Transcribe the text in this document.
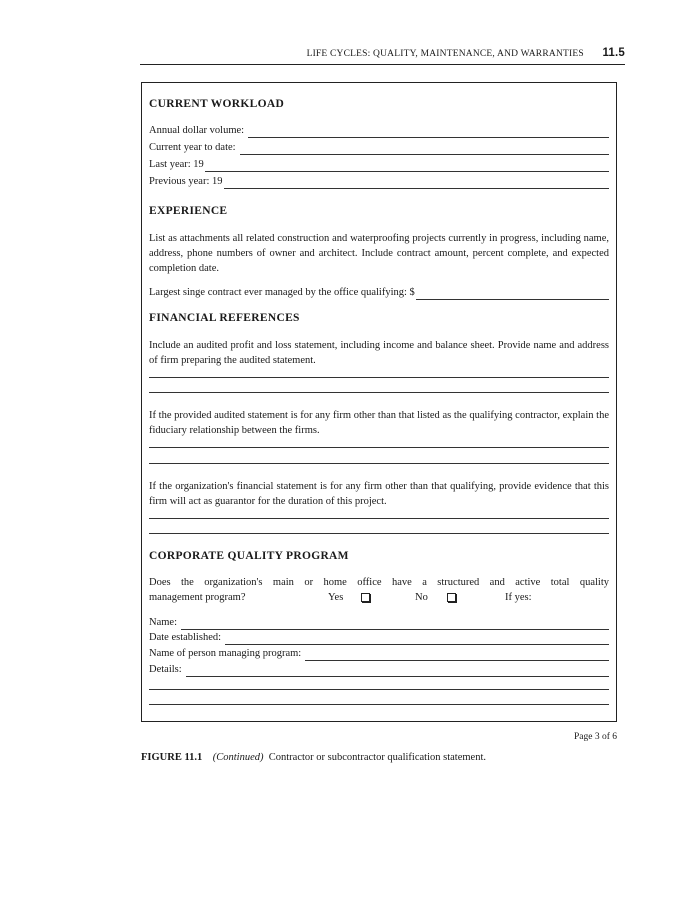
LIFE CYCLES: QUALITY, MAINTENANCE, AND WARRANTIES 11.5
CURRENT WORKLOAD
Annual dollar volume:
Current year to date:
Last year: 19
Previous year: 19
EXPERIENCE
List as attachments all related construction and waterproofing projects currently in progress, including name, address, phone numbers of owner and architect. Include contract amount, percent complete, and expected completion date.
Largest singe contract ever managed by the office qualifying: $
FINANCIAL REFERENCES
Include an audited profit and loss statement, including income and balance sheet. Provide name and address of firm preparing the audited statement.
If the provided audited statement is for any firm other than that listed as the qualifying contractor, explain the fiduciary relationship between the firms.
If the organization's financial statement is for any firm other than that qualifying, provide evidence that this firm will act as guarantor for the duration of this project.
CORPORATE QUALITY PROGRAM
Does the organization's main or home office have a structured and active total quality
management program?	Yes	No	If yes:
Name:
Date established:
Name of person managing program:
Details:
Page 3 of 6
FIGURE 11.1 (Continued) Contractor or subcontractor qualification statement.
